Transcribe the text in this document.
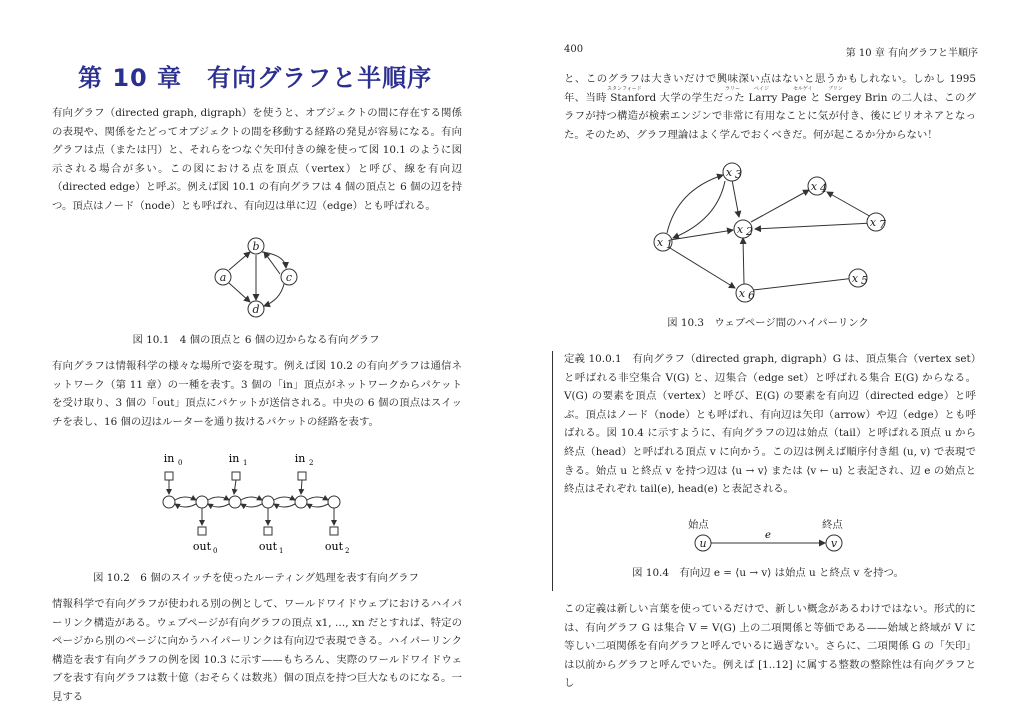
第 10 章　有向グラフと半順序
有向グラフ（directed graph, digraph）を使うと、オブジェクトの間に存在する関係の表現や、関係をたどってオブジェクトの間を移動する経路の発見が容易になる。有向グラフは点（または円）と、それらをつなぐ矢印付きの線を使って図 10.1 のように図示される場合が多い。この図における点を頂点（vertex）と呼び、線を有向辺（directed edge）と呼ぶ。例えば図 10.1 の有向グラフは 4 個の頂点と 6 個の辺を持つ。頂点はノード（node）とも呼ばれ、有向辺は単に辺（edge）とも呼ばれる。
a
b
c
d
図 10.1　4 個の頂点と 6 個の辺からなる有向グラフ
有向グラフは情報科学の様々な場所で姿を現す。例えば図 10.2 の有向グラフは通信ネットワーク（第 11 章）の一種を表す。3 個の「in」頂点がネットワークからパケットを受け取り、3 個の「out」頂点にパケットが送信される。中央の 6 個の頂点はスイッチを表し、16 個の辺はルーターを通り抜けるパケットの経路を表す。
in 0	in 1	in 2
out 0	out 1	out 2
図 10.2　6 個のスイッチを使ったルーティング処理を表す有向グラフ
情報科学で有向グラフが使われる別の例として、ワールドワイドウェブにおけるハイパーリンク構造がある。ウェブページが有向グラフの頂点 x1, …, xn だとすれば、特定のページから別のページに向かうハイパーリンクは有向辺で表現できる。ハイパーリンク構造を表す有向グラフの例を図 10.3 に示す——もちろん、実際のワールドワイドウェブを表す有向グラフは数十億（おそらくは数兆）個の頂点を持つ巨大なものになる。一見する
400	第 10 章 有向グラフと半順序
と、このグラフは大きいだけで興味深い点はないと思うかもしれない。しかし 1995 年、当時 Stanford 大学の学生だった Larry Page と Sergey Brin の二人は、このグラフが持つ構造が検索エンジンで非常に有用なことに気が付き、後にビリオネアとなった。そのため、グラフ理論はよく学んでおくべきだ。何が起こるか分からない！
スタンフォード	ラリー	ペイジ	セルゲイ	ブリン
x 1
x 2
x 3
x 4
x 5
x 6
x 7
図 10.3　ウェブページ間のハイパーリンク
定義 10.0.1　有向グラフ（directed graph, digraph）G は、頂点集合（vertex set）と呼ばれる非空集合 V(G) と、辺集合（edge set）と呼ばれる集合 E(G) からなる。V(G) の要素を頂点（vertex）と呼び、E(G) の要素を有向辺（directed edge）と呼ぶ。頂点はノード（node）とも呼ばれ、有向辺は矢印（arrow）や辺（edge）とも呼ばれる。図 10.4 に示すように、有向グラフの辺は始点（tail）と呼ばれる頂点 u から終点（head）と呼ばれる頂点 v に向かう。この辺は例えば順序付き組 (u, v) で表現できる。始点 u と終点 v を持つ辺は ⟨u → v⟩ または ⟨v ← u⟩ と表記され、辺 e の始点と終点はそれぞれ tail(e), head(e) と表記される。
始点	終点
e
u	v
図 10.4　有向辺 e = ⟨u → v⟩ は始点 u と終点 v を持つ。
この定義は新しい言葉を使っているだけで、新しい概念があるわけではない。形式的には、有向グラフ G は集合 V = V(G) 上の二項関係と等価である——始域と終域が V に等しい二項関係を有向グラフと呼んでいるに過ぎない。さらに、二項関係 G の「矢印」は以前からグラフと呼んでいた。例えば [1..12] に属する整数の整除性は有向グラフとし
